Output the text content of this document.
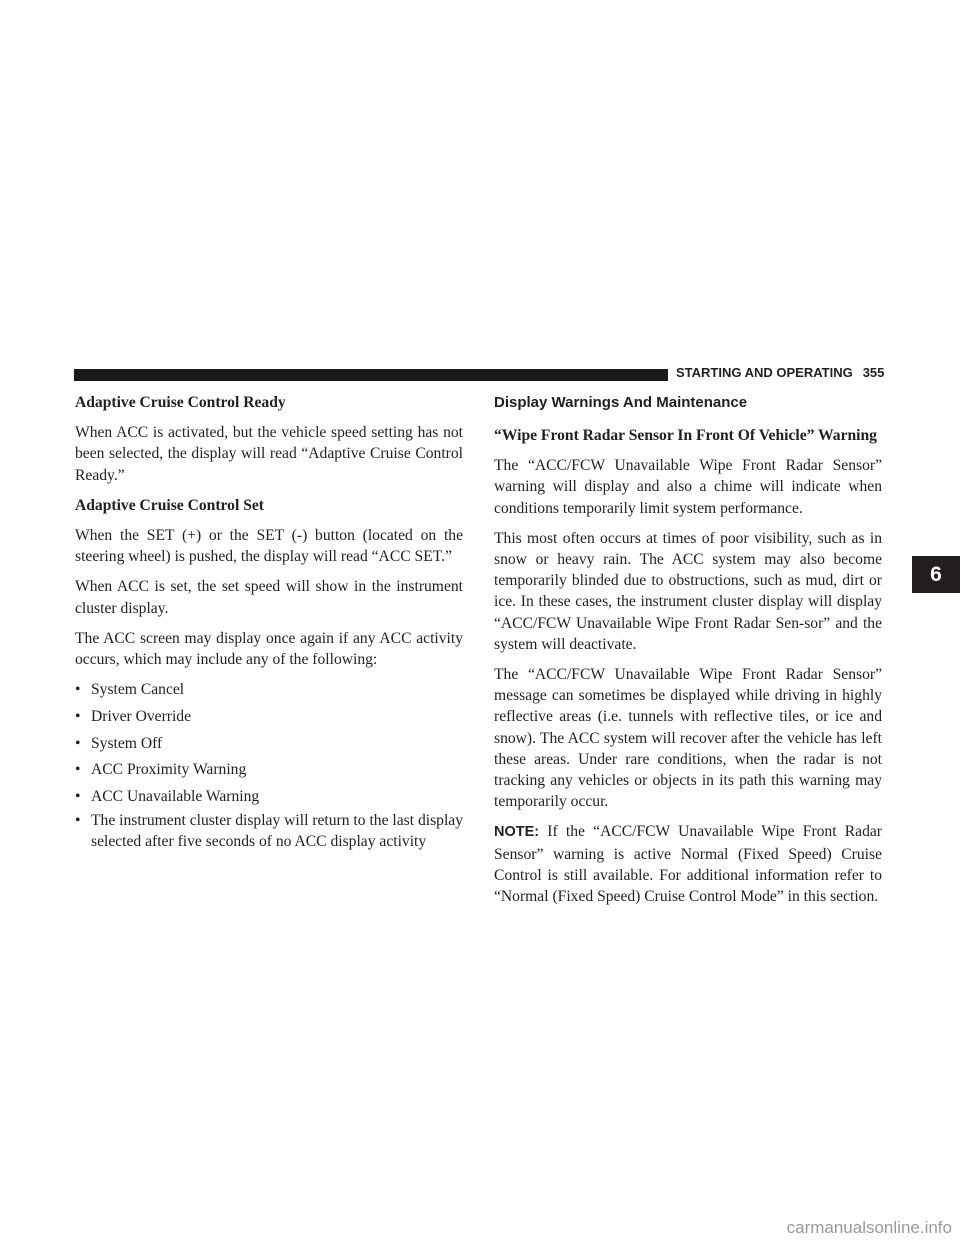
STARTING AND OPERATING 355
Adaptive Cruise Control Ready

When ACC is activated, but the vehicle speed setting has not been selected, the display will read “Adaptive Cruise Control Ready.”

Adaptive Cruise Control Set

When the SET (+) or the SET (-) button (located on the steering wheel) is pushed, the display will read “ACC SET.”

When ACC is set, the set speed will show in the instrument cluster display.

The ACC screen may display once again if any ACC activity occurs, which may include any of the following:

• System Cancel
• Driver Override
• System Off
• ACC Proximity Warning
• ACC Unavailable Warning
• The instrument cluster display will return to the last display selected after five seconds of no ACC display activity
Display Warnings And Maintenance
“Wipe Front Radar Sensor In Front Of Vehicle” Warning

The “ACC/FCW Unavailable Wipe Front Radar Sensor” warning will display and also a chime will indicate when conditions temporarily limit system performance.

This most often occurs at times of poor visibility, such as in snow or heavy rain. The ACC system may also become temporarily blinded due to obstructions, such as mud, dirt or ice. In these cases, the instrument cluster display will display “ACC/FCW Unavailable Wipe Front Radar Sen-sor” and the system will deactivate.

The “ACC/FCW Unavailable Wipe Front Radar Sensor” message can sometimes be displayed while driving in highly reflective areas (i.e. tunnels with reflective tiles, or ice and snow). The ACC system will recover after the vehicle has left these areas. Under rare conditions, when the radar is not tracking any vehicles or objects in its path this warning may temporarily occur.

NOTE: If the “ACC/FCW Unavailable Wipe Front Radar Sensor” warning is active Normal (Fixed Speed) Cruise Control is still available. For additional information refer to “Normal (Fixed Speed) Cruise Control Mode” in this section.

6
carmanualsonline.info
